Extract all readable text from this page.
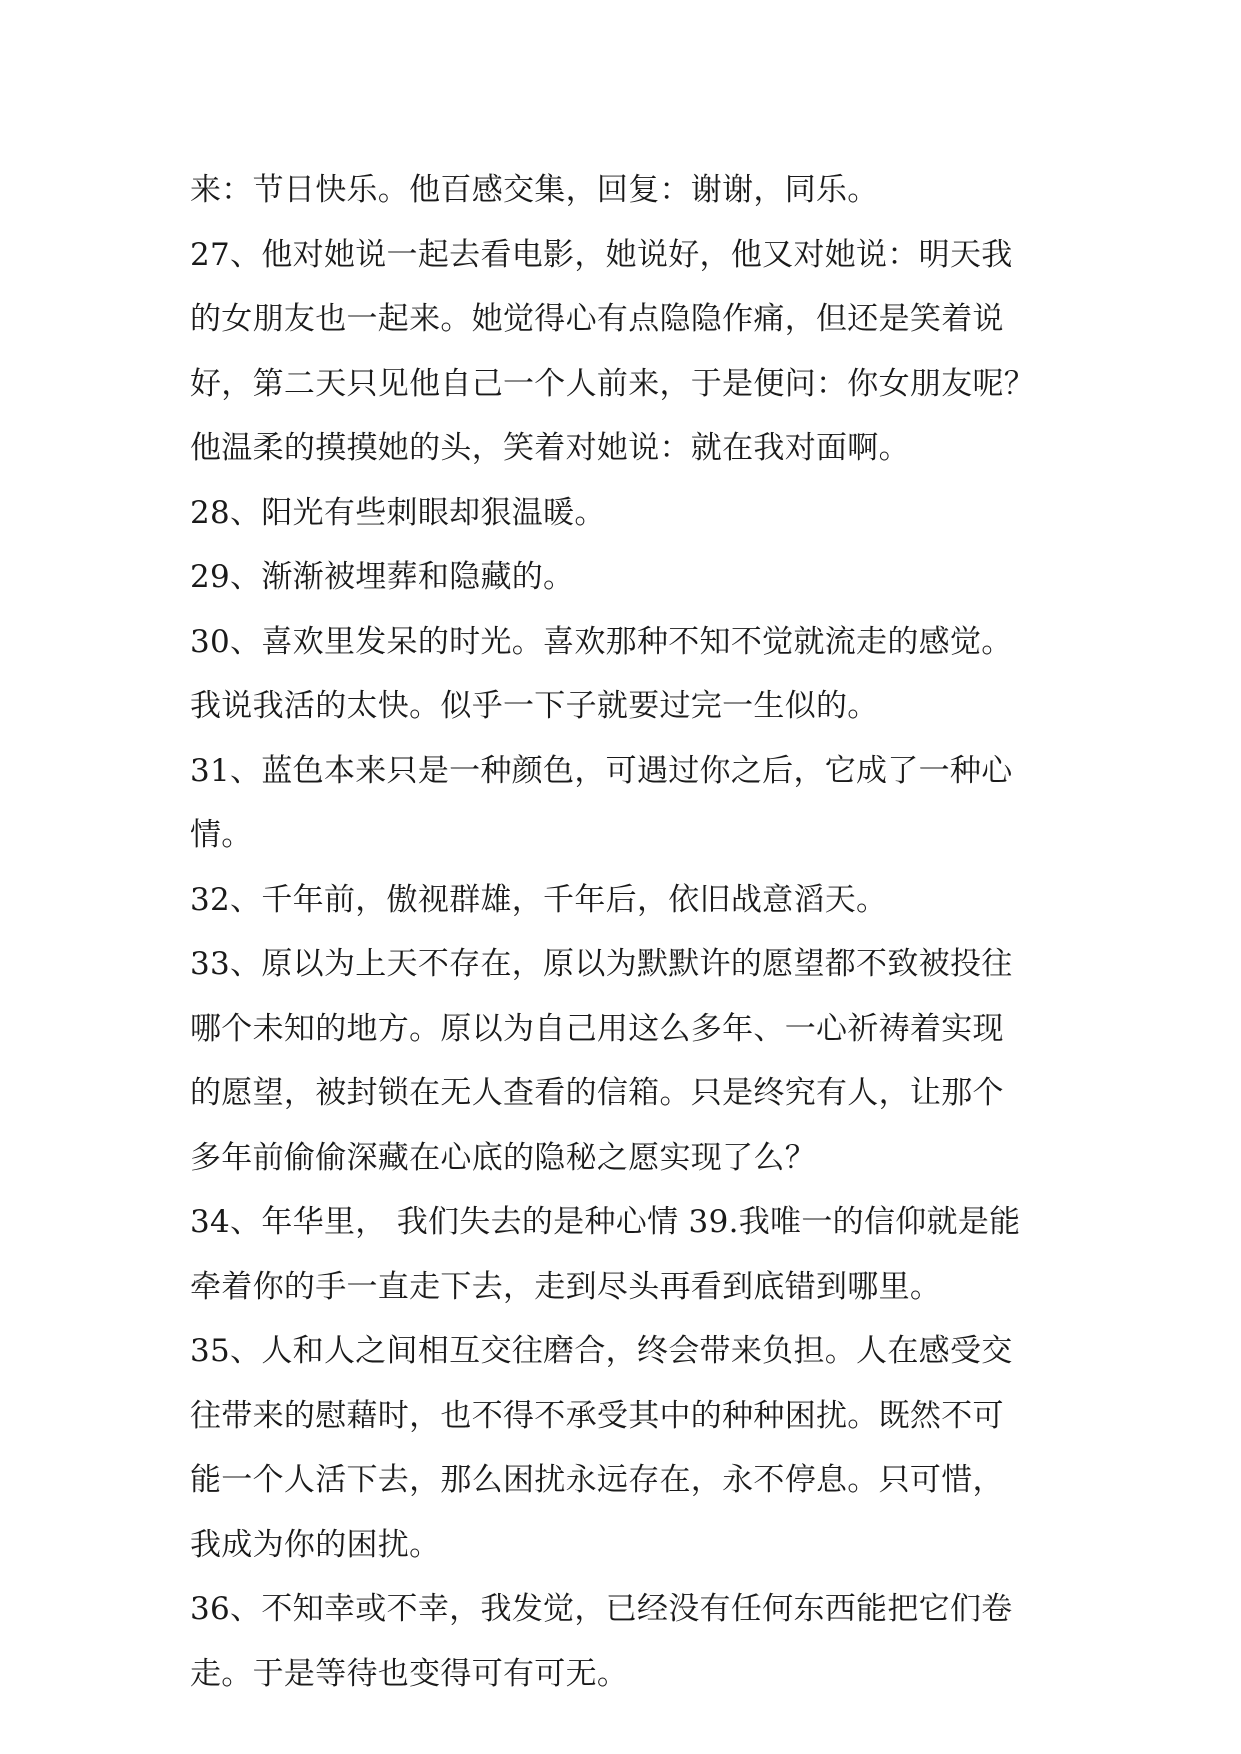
来：节日快乐。他百感交集，回复：谢谢，同乐。
27、他对她说一起去看电影，她说好，他又对她说：明天我
的女朋友也一起来。她觉得心有点隐隐作痛，但还是笑着说
好，第二天只见他自己一个人前来，于是便问：你女朋友呢？
他温柔的摸摸她的头，笑着对她说：就在我对面啊。
28、阳光有些刺眼却狠温暖。
29、渐渐被埋葬和隐藏的。
30、喜欢里发呆的时光。喜欢那种不知不觉就流走的感觉。
我说我活的太快。似乎一下子就要过完一生似的。
31、蓝色本来只是一种颜色，可遇过你之后，它成了一种心
情。
32、千年前，傲视群雄，千年后，依旧战意滔天。
33、原以为上天不存在，原以为默默许的愿望都不致被投往
哪个未知的地方。原以为自己用这么多年、一心祈祷着实现
的愿望，被封锁在无人查看的信箱。只是终究有人，让那个
多年前偷偷深藏在心底的隐秘之愿实现了么？
34、年华里， 我们失去的是种心情 39.我唯一的信仰就是能
牵着你的手一直走下去，走到尽头再看到底错到哪里。
35、人和人之间相互交往磨合，终会带来负担。人在感受交
往带来的慰藉时，也不得不承受其中的种种困扰。既然不可
能一个人活下去，那么困扰永远存在，永不停息。只可惜，
我成为你的困扰。
36、不知幸或不幸，我发觉，已经没有任何东西能把它们卷
走。于是等待也变得可有可无。
